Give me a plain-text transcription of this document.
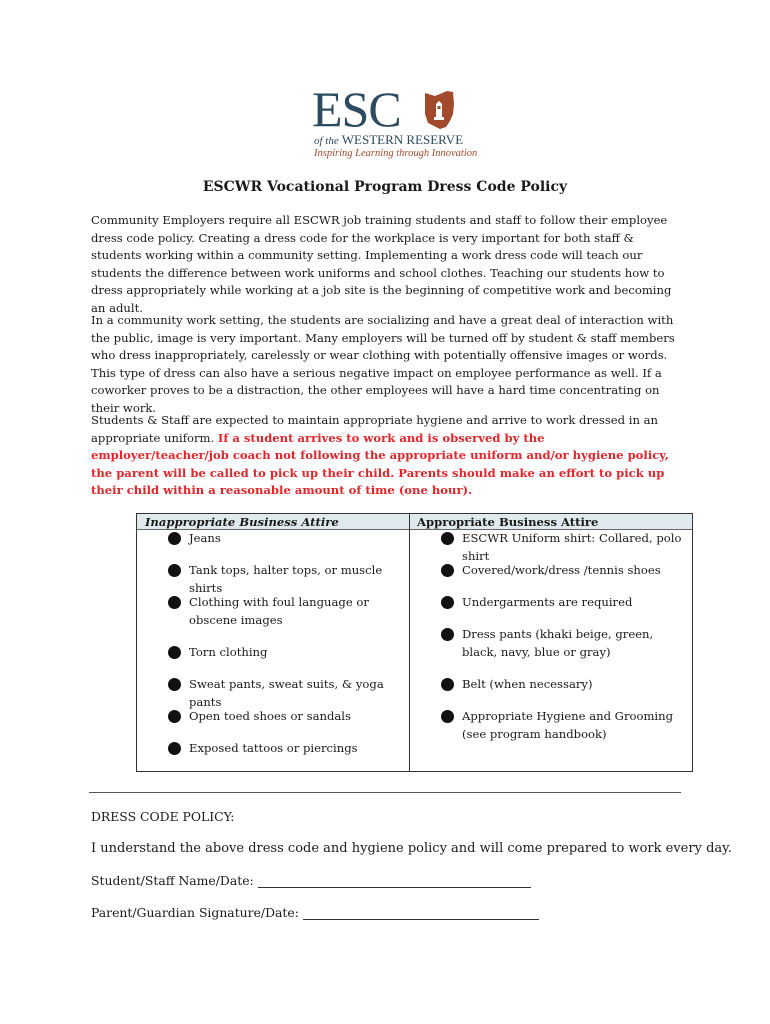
ESC
of the WESTERN RESERVE
Inspiring Learning through Innovation
ESCWR Vocational Program Dress Code Policy

Community Employers require all ESCWR job training students and staff to follow their employee dress code policy. Creating a dress code for the workplace is very important for both staff & students working within a community setting. Implementing a work dress code will teach our students the difference between work uniforms and school clothes. Teaching our students how to dress appropriately while working at a job site is the beginning of competitive work and becoming an adult.

In a community work setting, the students are socializing and have a great deal of interaction with the public, image is very important. Many employers will be turned off by student & staff members who dress inappropriately, carelessly or wear clothing with potentially offensive images or words. This type of dress can also have a serious negative impact on employee performance as well. If a coworker proves to be a distraction, the other employees will have a hard time concentrating on their work.

Students & Staff are expected to maintain appropriate hygiene and arrive to work dressed in an appropriate uniform. If a student arrives to work and is observed by the employer/teacher/job coach not following the appropriate uniform and/or hygiene policy, the parent will be called to pick up their child. Parents should make an effort to pick up their child within a reasonable amount of time (one hour).

Inappropriate Business Attire	Appropriate Business Attire
Jeans
Tank tops, halter tops, or muscle shirts
Clothing with foul language or obscene images
Torn clothing
Sweat pants, sweat suits, & yoga pants
Open toed shoes or sandals
Exposed tattoos or piercings
ESCWR Uniform shirt: Collared, polo shirt
Covered/work/dress /tennis shoes
Undergarments are required
Dress pants (khaki beige, green, black, navy, blue or gray)
Belt (when necessary)
Appropriate Hygiene and Grooming (see program handbook)
DRESS CODE POLICY:
I understand the above dress code and hygiene policy and will come prepared to work every day.
Student/Staff Name/Date:
Parent/Guardian Signature/Date:
